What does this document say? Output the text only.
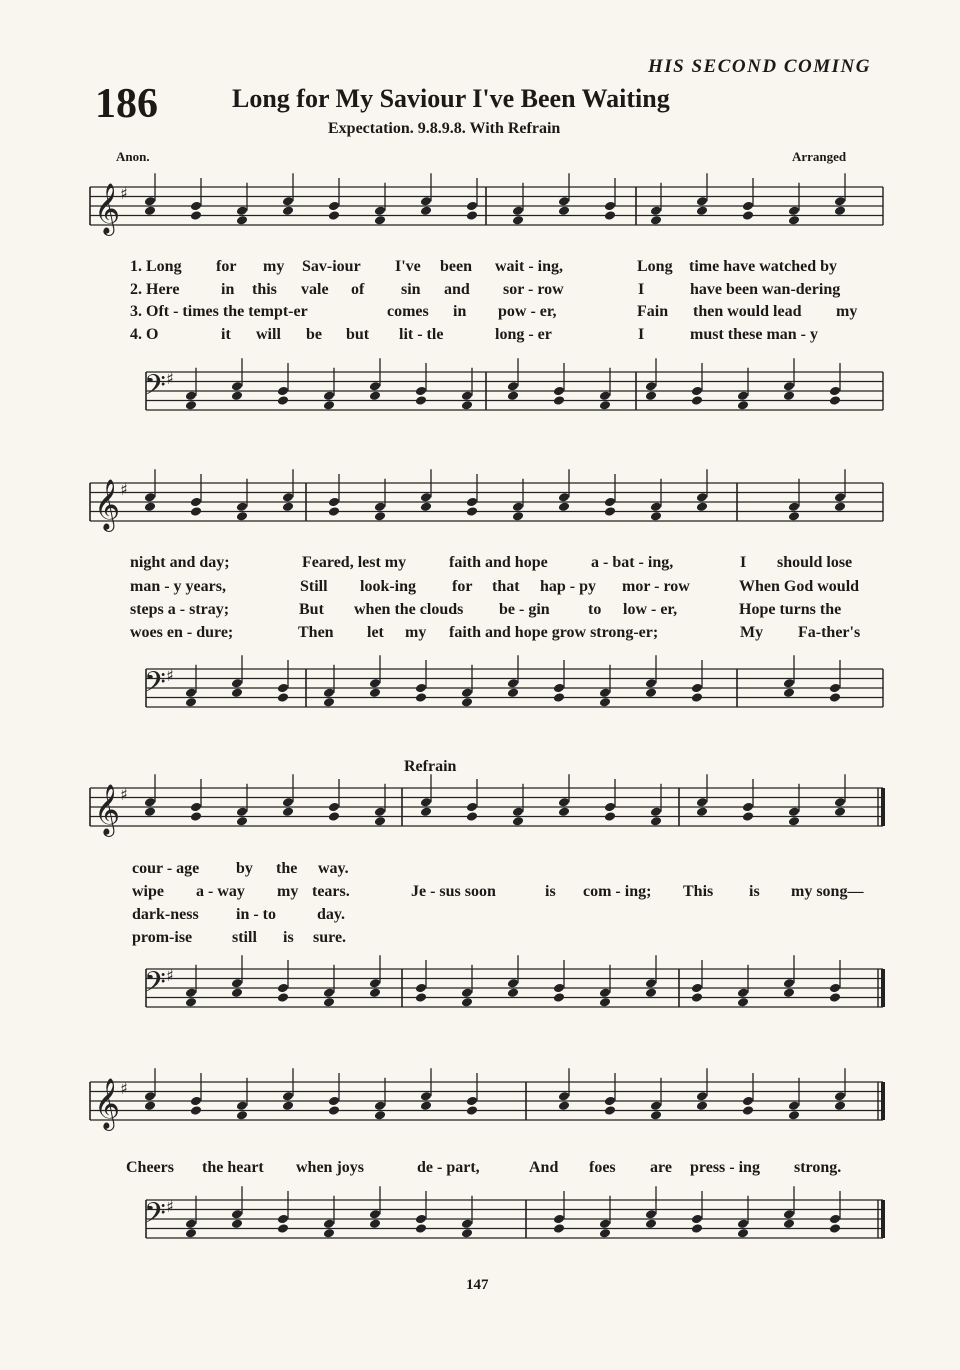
𝄞 ♯
𝄢 ♯
𝄞 ♯
𝄢 ♯
𝄞 ♯
𝄢 ♯
𝄞 ♯
𝄢 ♯
HIS SECOND COMING
186	Long for My Saviour I've Been Waiting
Expectation. 9.8.9.8. With Refrain
Anon.	Arranged
Refrain
147
1. Long for my Sav-iour I've been wait - ing,	Long time have watched by
2. Here	in this vale of sin and sor - row	I	have been wan-dering
3. Oft - times the tempt-er	comes in pow - er,	Fain then would lead my
4. O	it will be but lit - tle	long - er	I	must these man - y
night and day;	Feared, lest my	faith and hope	a - bat - ing,	I should lose
man - y years,	Still look-ing for that hap - py mor - row	When God would
steps a - stray;	But when the clouds be - gin to low - er,	Hope turns the
woes en - dure;	Then let my faith and hope grow strong-er;	My Fa-ther's
cour - age by the way.
wipe a - way my tears.	Je - sus soon	is com - ing; This is my song—
dark-ness in - to	day.
prom-ise still is sure.
Cheers the heart when joys	de - part,	And foes are press - ing strong.
